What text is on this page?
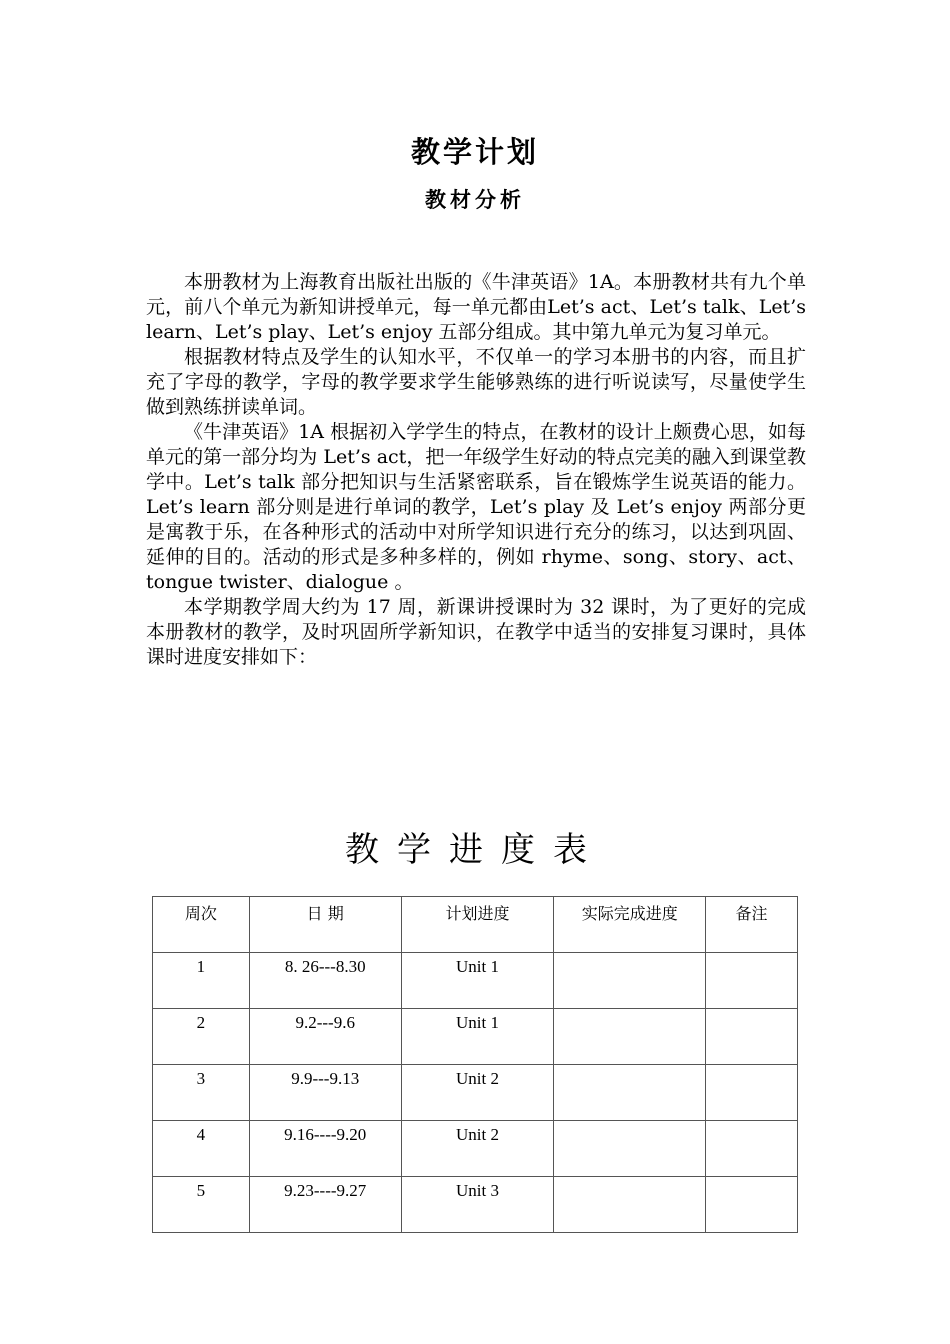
教学计划
教材分析

本册教材为上海教育出版社出版的《牛津英语》1A。本册教材共有九个单元，前八个单元为新知讲授单元，每一单元都由Let’s act、Let’s talk、Let’s learn、Let’s play、Let’s enjoy 五部分组成。其中第九单元为复习单元。

根据教材特点及学生的认知水平，不仅单一的学习本册书的内容，而且扩充了字母的教学，字母的教学要求学生能够熟练的进行听说读写，尽量使学生做到熟练拼读单词。

《牛津英语》1A 根据初入学学生的特点，在教材的设计上颇费心思，如每单元的第一部分均为 Let’s act，把一年级学生好动的特点完美的融入到课堂教学中。Let’s talk 部分把知识与生活紧密联系，旨在锻炼学生说英语的能力。Let’s learn 部分则是进行单词的教学，Let’s play 及 Let’s enjoy 两部分更是寓教于乐，在各种形式的活动中对所学知识进行充分的练习，以达到巩固、延伸的目的。活动的形式是多种多样的，例如 rhyme、song、story、act、 tongue twister、dialogue 。

本学期教学周大约为 17 周，新课讲授课时为 32 课时，为了更好的完成本册教材的教学，及时巩固所学新知识，在教学中适当的安排复习课时，具体课时进度安排如下：

教学进度表
周次	日 期	计划进度	实际完成进度	备注
1	8. 26---8.30	Unit 1		
2	9.2---9.6	Unit 1		
3	9.9---9.13	Unit 2		
4	9.16----9.20	Unit 2		
5	9.23----9.27	Unit 3		
